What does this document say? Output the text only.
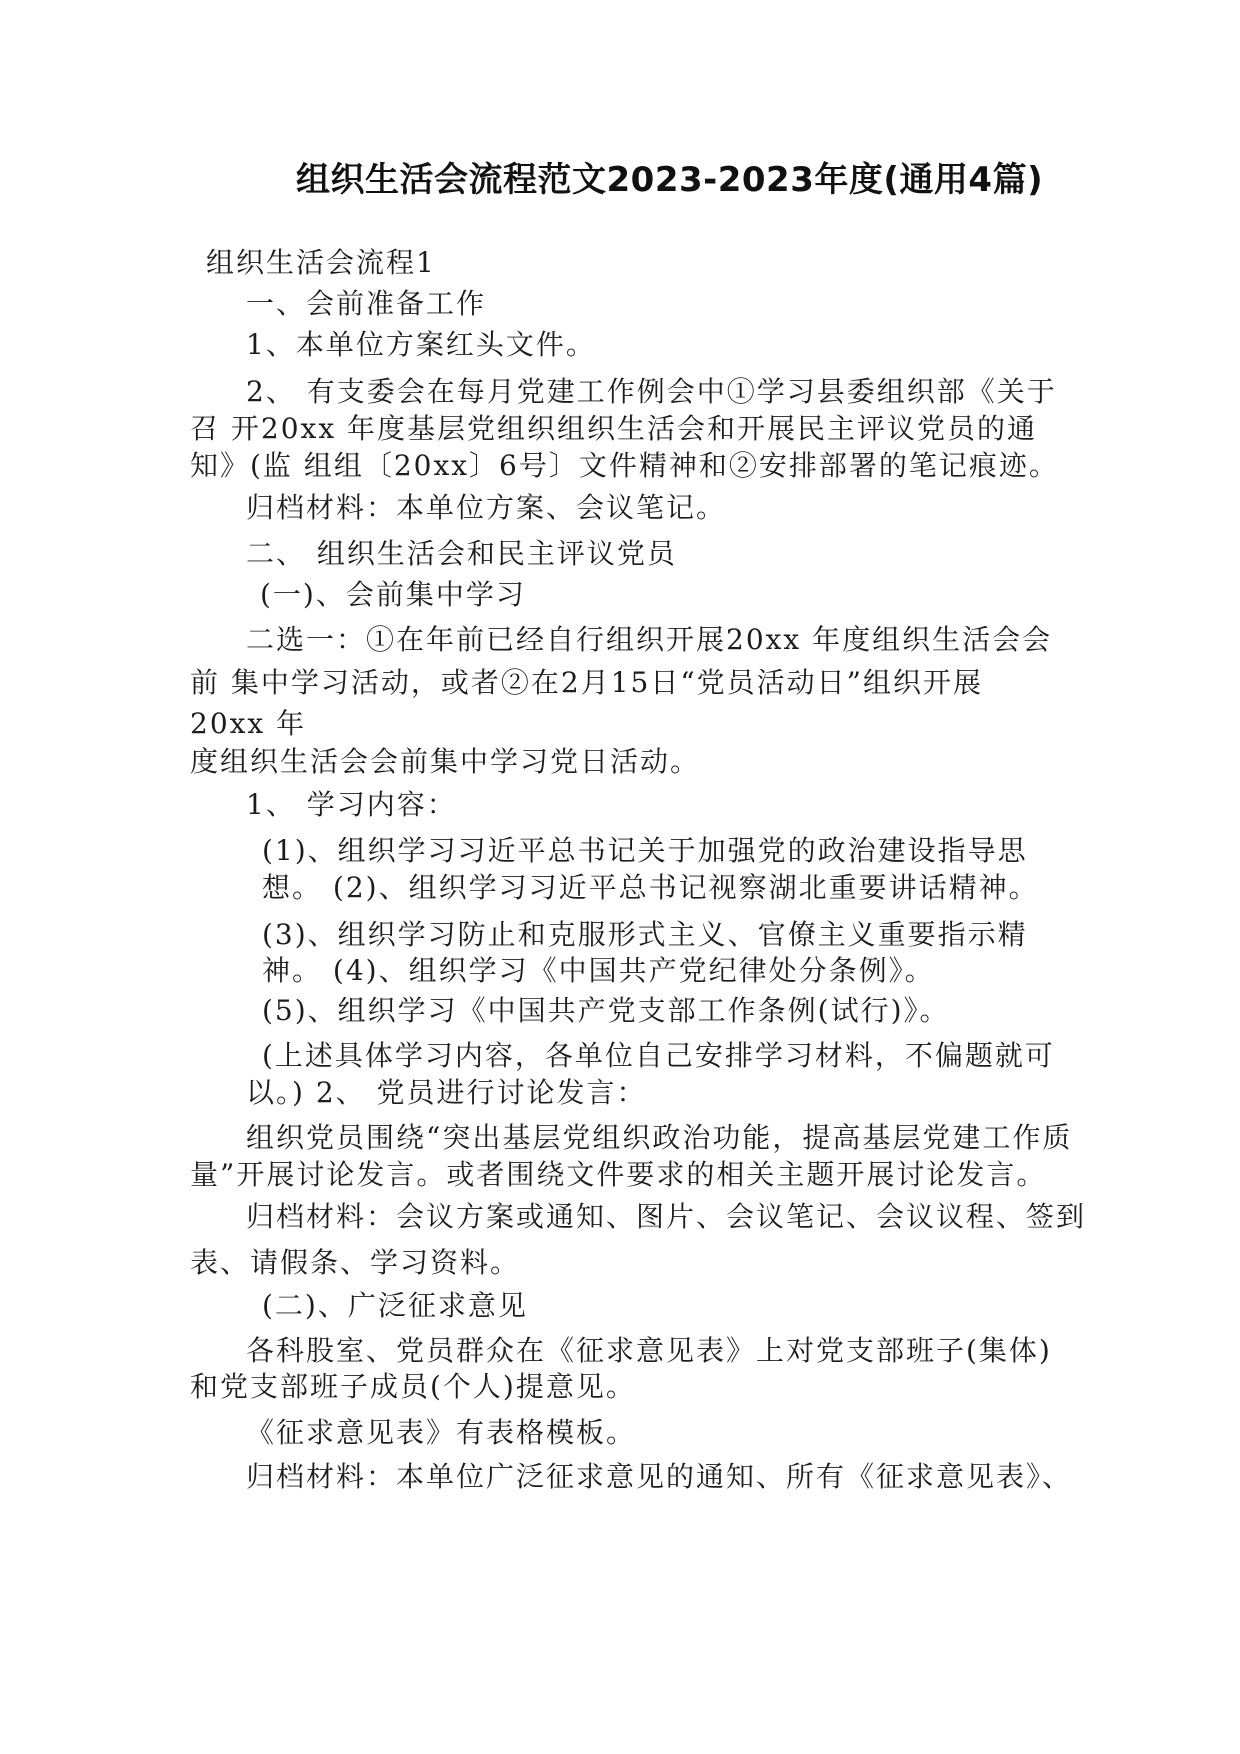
组织生活会流程范文2023-2023年度(通用4篇)
组织生活会流程1
一、会前准备工作
1、本单位方案红头文件。
2、 有支委会在每月党建工作例会中①学习县委组织部《关于
召 开20xx 年度基层党组织组织生活会和开展民主评议党员的通
知》(监 组组〔20xx〕6号〕文件精神和②安排部署的笔记痕迹。
归档材料：本单位方案、会议笔记。
二、 组织生活会和民主评议党员
(一)、会前集中学习
二选一：①在年前已经自行组织开展20xx 年度组织生活会会
前 集中学习活动，或者②在2月15日“党员活动日”组织开展
20xx 年
度组织生活会会前集中学习党日活动。
1、 学习内容：
(1)、组织学习习近平总书记关于加强党的政治建设指导思
想。 (2)、组织学习习近平总书记视察湖北重要讲话精神。
(3)、组织学习防止和克服形式主义、官僚主义重要指示精
神。 (4)、组织学习《中国共产党纪律处分条例》。
(5)、组织学习《中国共产党支部工作条例(试行)》。
(上述具体学习内容，各单位自己安排学习材料，不偏题就可
以。) 2、 党员进行讨论发言：
组织党员围绕“突出基层党组织政治功能，提高基层党建工作质
量”开展讨论发言。或者围绕文件要求的相关主题开展讨论发言。
归档材料：会议方案或通知、图片、会议笔记、会议议程、签到
表、请假条、学习资料。
(二)、广泛征求意见
各科股室、党员群众在《征求意见表》上对党支部班子(集体)
和党支部班子成员(个人)提意见。
《征求意见表》有表格模板。
归档材料：本单位广泛征求意见的通知、所有《征求意见表》、
